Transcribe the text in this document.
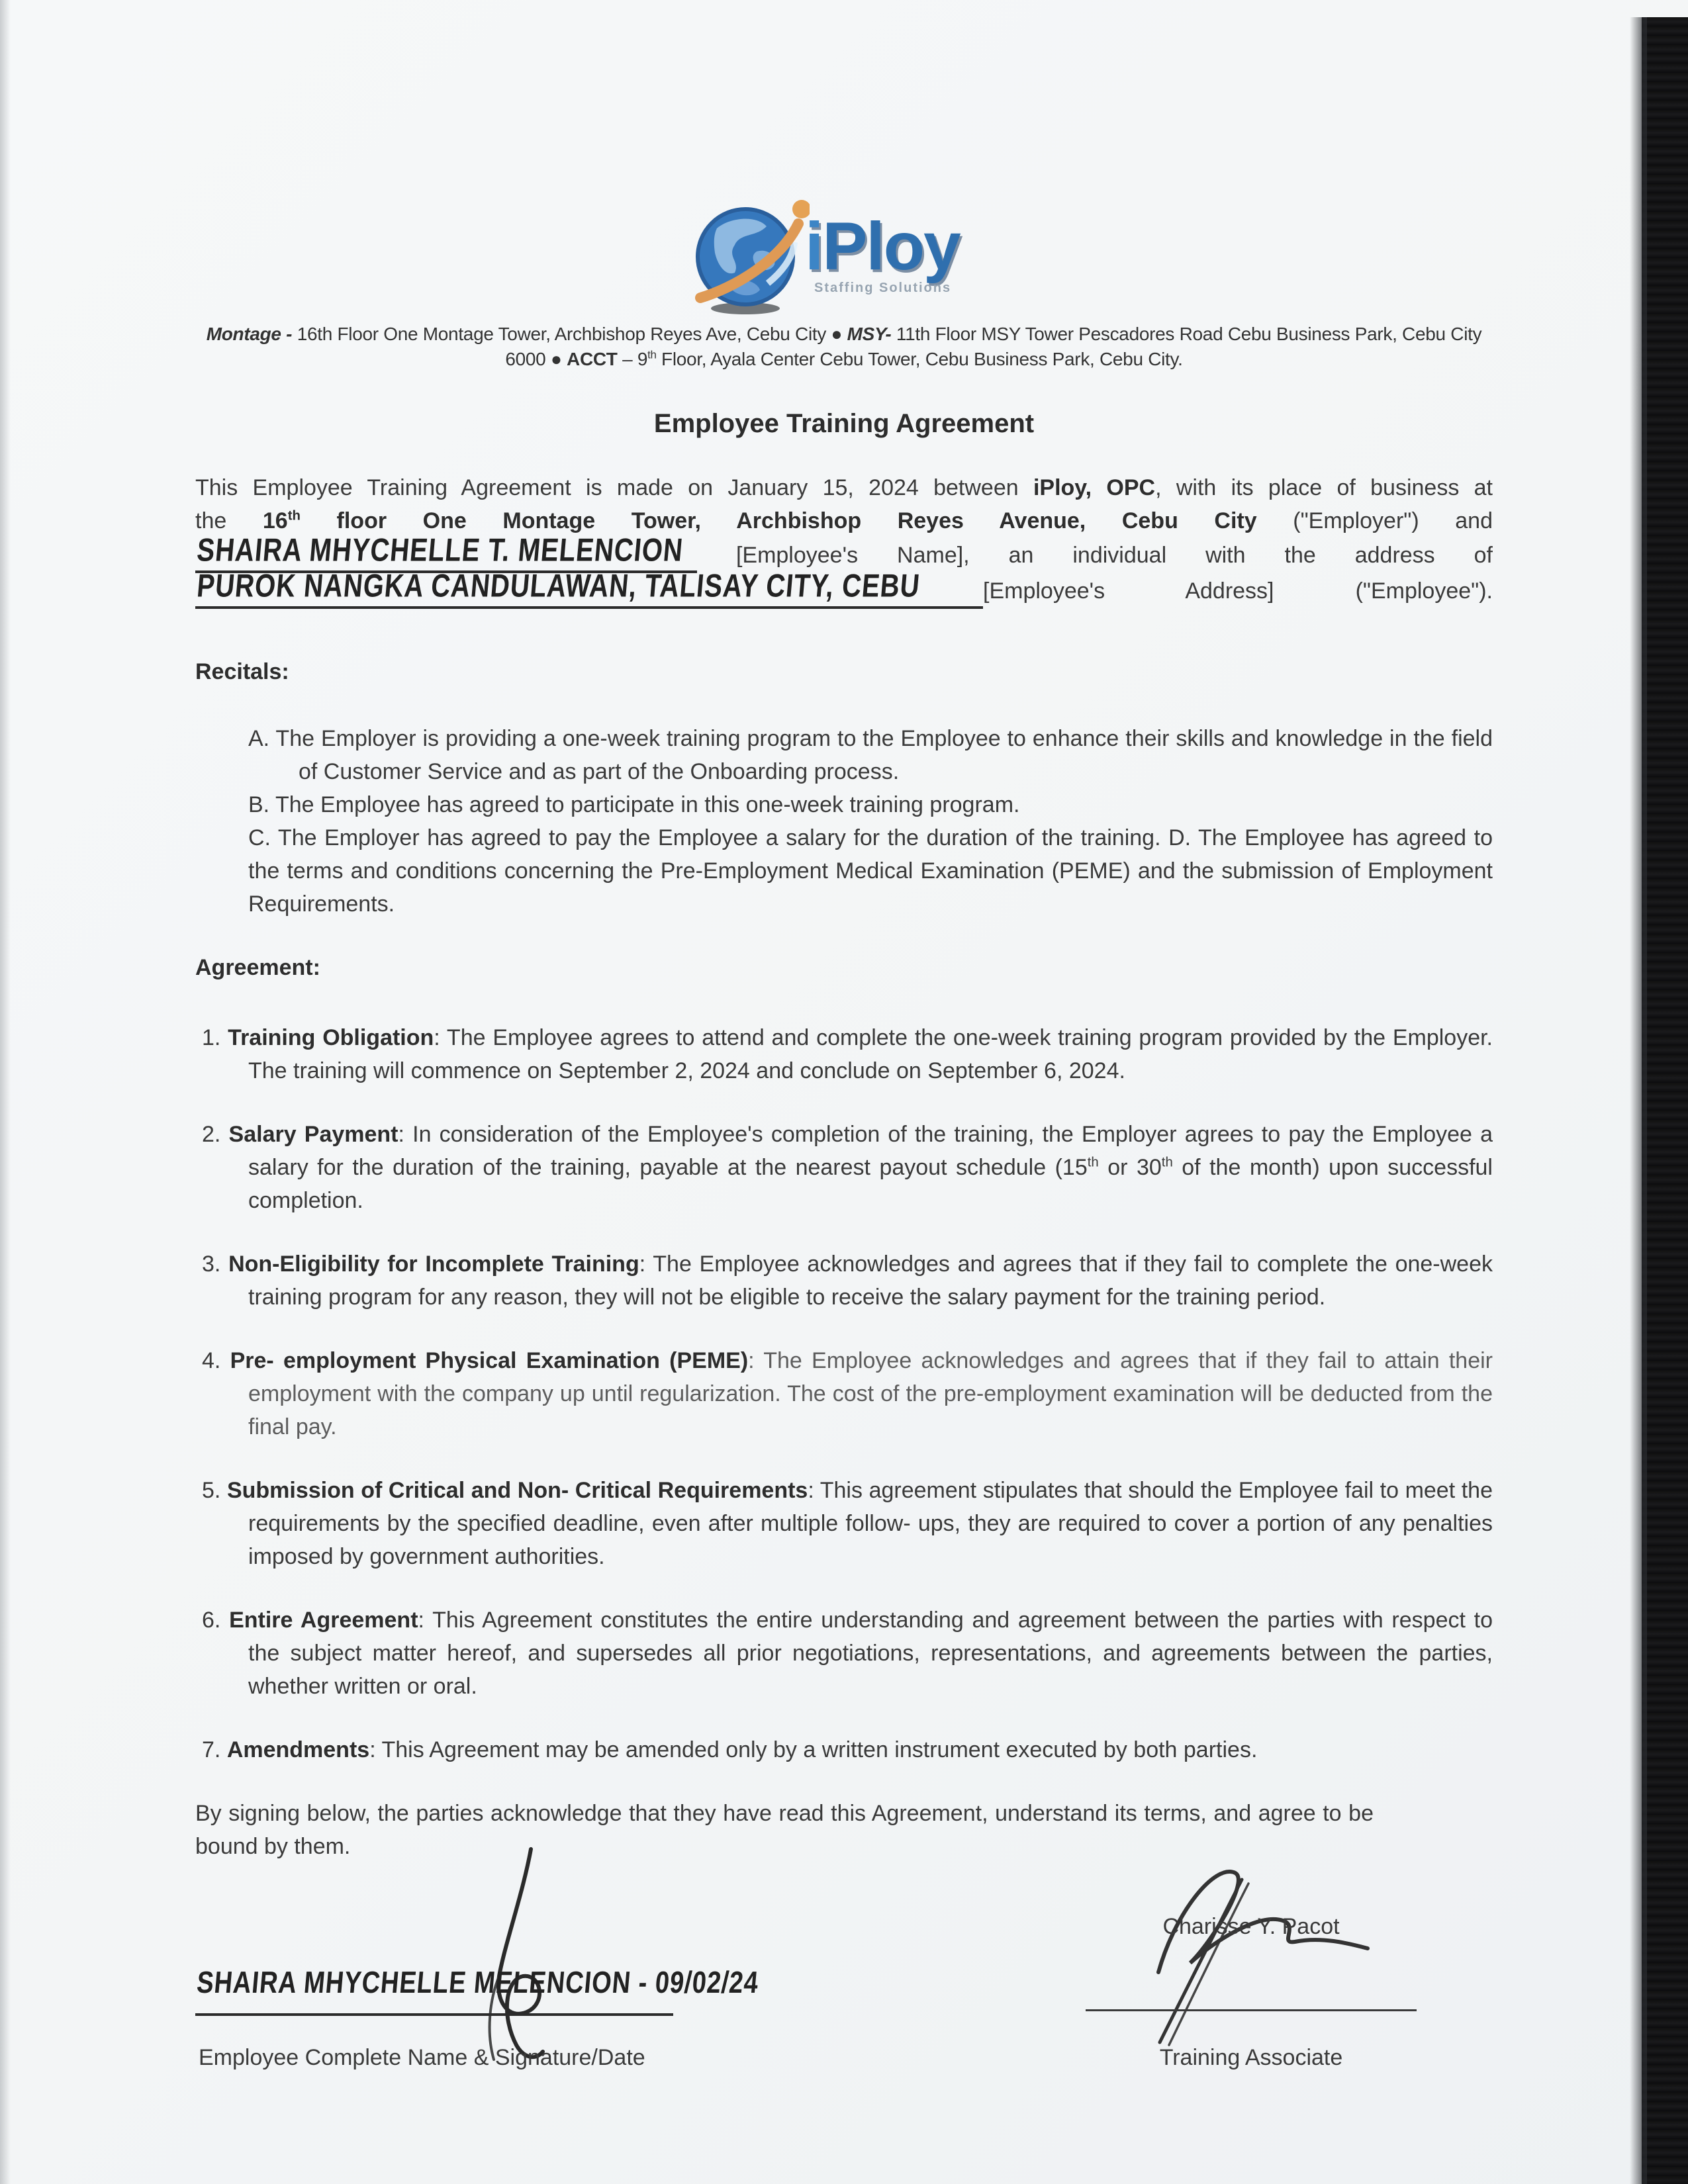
iPloy
Staffing Solutions
Montage - 16th Floor One Montage Tower, Archbishop Reyes Ave, Cebu City ● MSY- 11th Floor MSY Tower Pescadores Road Cebu Business Park, Cebu City
6000 ● ACCT – 9th Floor, Ayala Center Cebu Tower, Cebu Business Park, Cebu City.
Employee Training Agreement
This Employee Training Agreement is made on January 15, 2024 between iPloy, OPC, with its place of business at
the 16th floor One Montage Tower, Archbishop Reyes Avenue, Cebu City ("Employer") and
SHAIRA MHYCHELLE T. MELENCION [Employee's Name], an individual with the address of
PUROK NANGKA CANDULAWAN, TALISAY CITY, CEBU	[Employee's Address] ("Employee").
Recitals:
A. The Employer is providing a one-week training program to the Employee to enhance their skills and knowledge in the field of Customer Service and as part of the Onboarding process.
B. The Employee has agreed to participate in this one-week training program.
C. The Employer has agreed to pay the Employee a salary for the duration of the training. D. The Employee has agreed to the terms and conditions concerning the Pre-Employment Medical Examination (PEME) and the submission of Employment Requirements.
Agreement:
1. Training Obligation: The Employee agrees to attend and complete the one-week training program provided by the Employer. The training will commence on September 2, 2024 and conclude on September 6, 2024.
2. Salary Payment: In consideration of the Employee's completion of the training, the Employer agrees to pay the Employee a salary for the duration of the training, payable at the nearest payout schedule (15th or 30th of the month) upon successful completion.
3. Non-Eligibility for Incomplete Training: The Employee acknowledges and agrees that if they fail to complete the one-week training program for any reason, they will not be eligible to receive the salary payment for the training period.
4. Pre- employment Physical Examination (PEME): The Employee acknowledges and agrees that if they fail to attain their employment with the company up until regularization. The cost of the pre-employment examination will be deducted from the final pay.
5. Submission of Critical and Non- Critical Requirements: This agreement stipulates that should the Employee fail to meet the requirements by the specified deadline, even after multiple follow- ups, they are required to cover a portion of any penalties imposed by government authorities.
6. Entire Agreement: This Agreement constitutes the entire understanding and agreement between the parties with respect to the subject matter hereof, and supersedes all prior negotiations, representations, and agreements between the parties, whether written or oral.
7. Amendments: This Agreement may be amended only by a written instrument executed by both parties.
By signing below, the parties acknowledge that they have read this Agreement, understand its terms, and agree to be bound by them.
SHAIRA MHYCHELLE MELENCION - 09/02/24
Employee Complete Name & Signature/Date
Charisse Y. Pacot
Training Associate
